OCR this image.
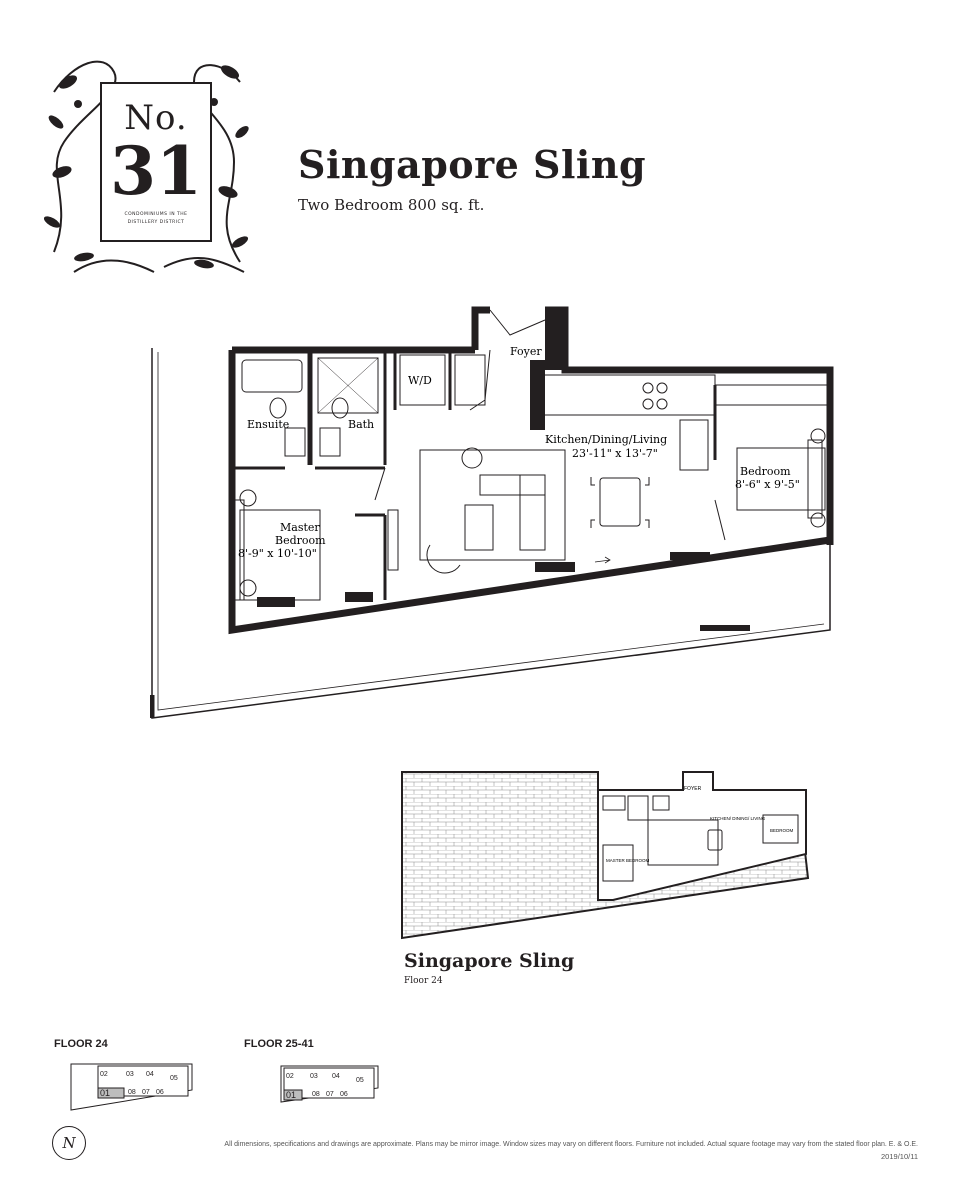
No.
31
CONDOMINIUMS IN THE
DISTILLERY DISTRICT
Singapore Sling
Two Bedroom 800 sq. ft.
Foyer
W/D
Ensuite	Bath
Kitchen/Dining/Living
23'-11" x 13'-7"
Bedroom
8'-6" x 9'-5"
Master
Bedroom
8'-9" x 10'-10"
FOYER
KITCHEN/ DINING/ LIVING
BEDROOM
MASTER BEDROOM
Singapore Sling
Floor 24
FLOOR 24	FLOOR 25-41
02	03 04
05
01	08 07 06
02 03 04
05
01 08 07 06
N	All dimensions, specifications and drawings are approximate. Plans may be mirror image. Window sizes may vary on different floors. Furniture not included. Actual square footage may vary from the stated floor plan. E. & O.E.
2019/10/11
